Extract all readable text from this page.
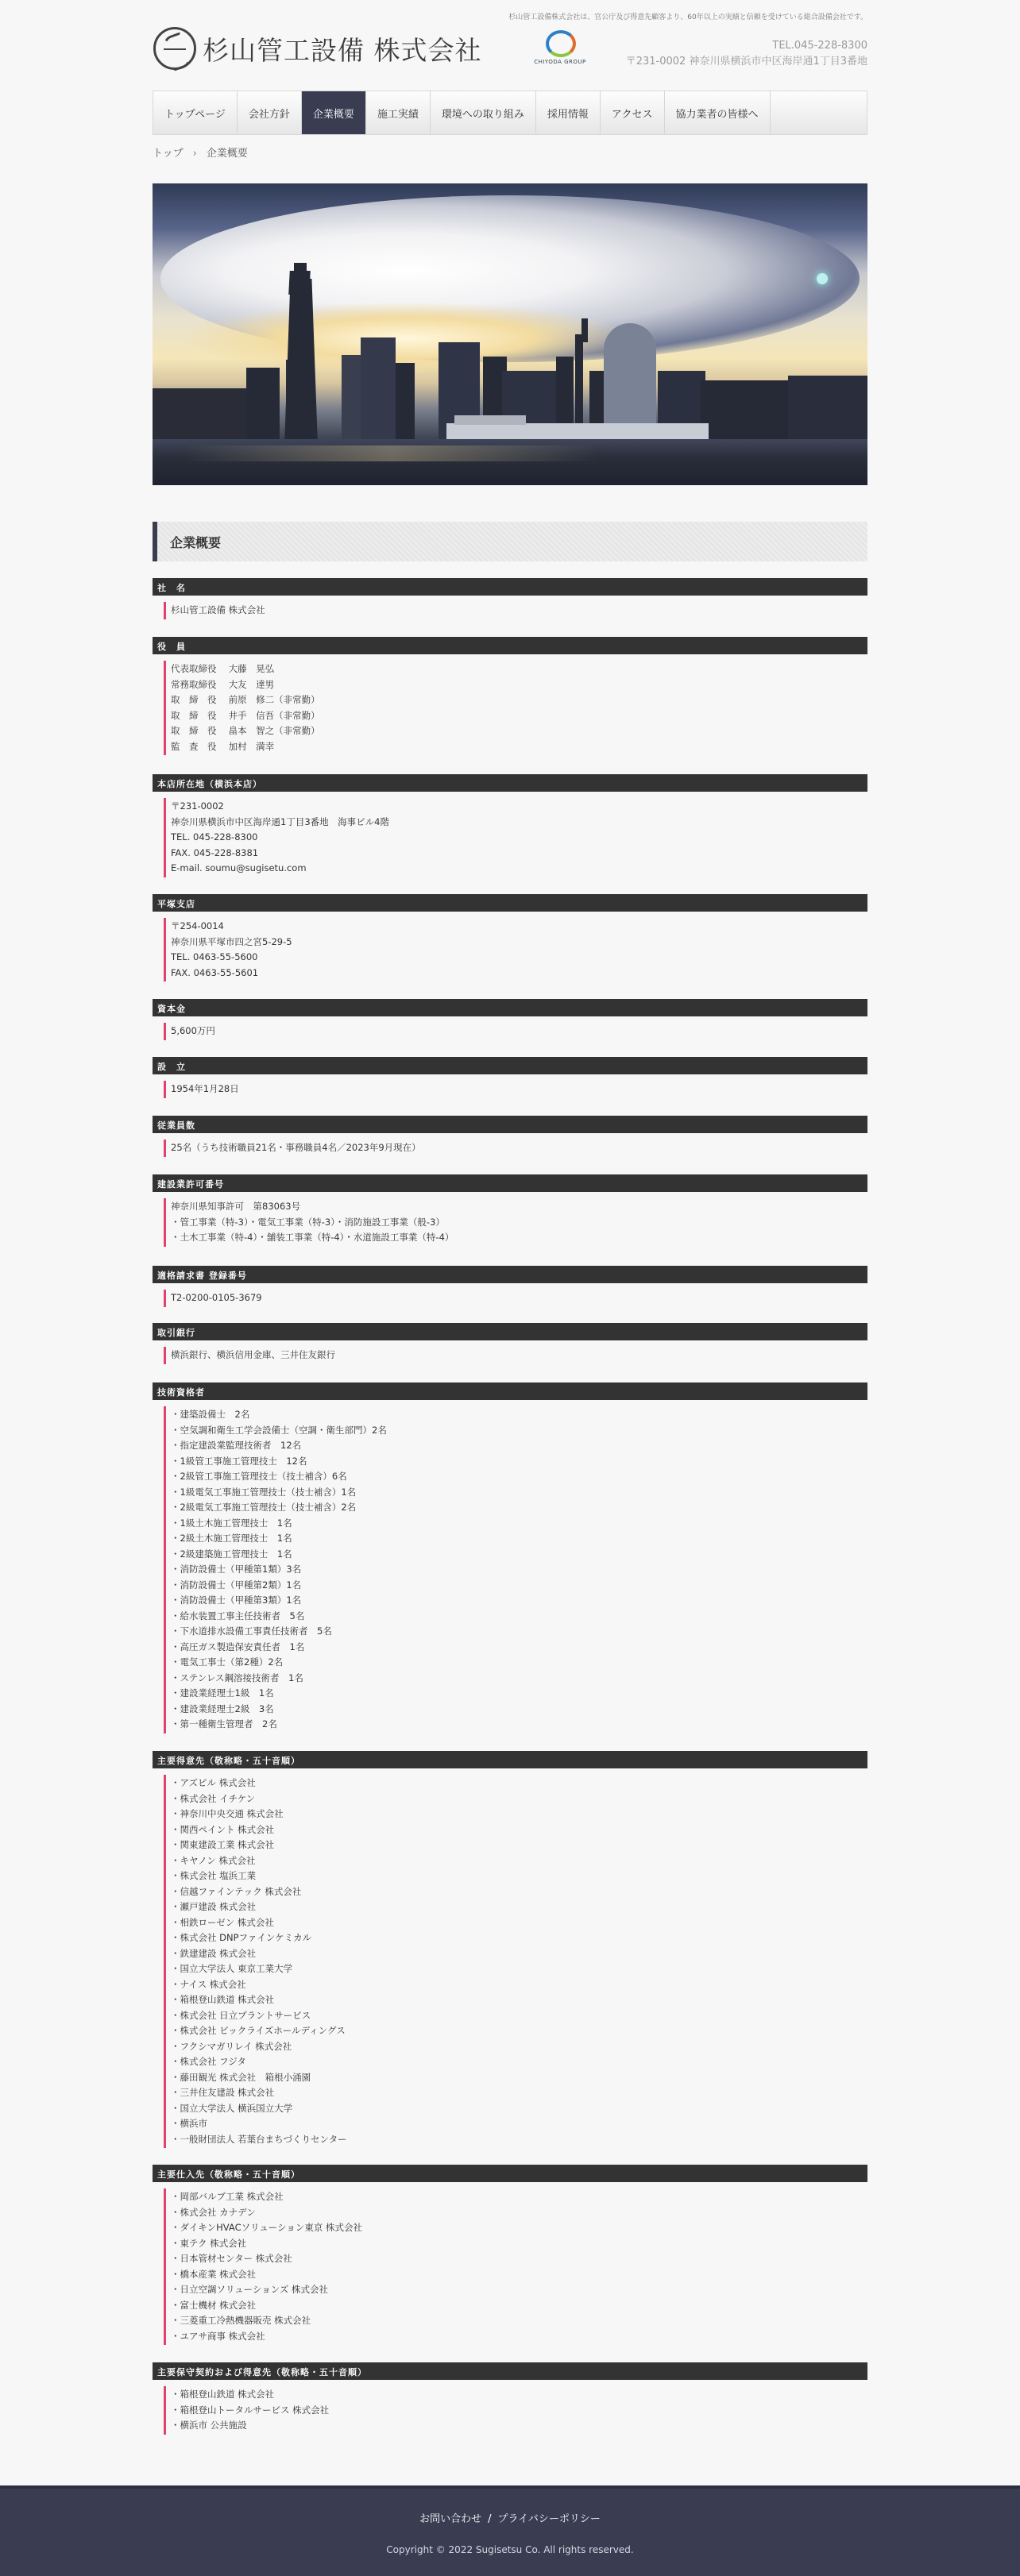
杉山管工設備株式会社は、官公庁及び得意先顧客より、60年以上の実績と信頼を受けている総合設備会社です。
杉山管工設備 株式会社	CHIYODA GROUP
TEL.045-228-8300
〒231-0002 神奈川県横浜市中区海岸通1丁目3番地
トップページ	会社方針	企業概要	施工実績	環境への取り組み	採用情報	アクセス	協力業者の皆様へ
トップ › 企業概要
企業概要
社　名
杉山管工設備 株式会社
役　員
代表取締役　 大藤　晃弘
常務取締役　 大友　達男
取　締　役　 前原　修二（非常勤）
取　締　役　 井手　信吾（非常勤）
取　締　役　 畠本　智之（非常勤）
監　査　役　 加村　満幸
本店所在地（横浜本店）
〒231-0002
神奈川県横浜市中区海岸通1丁目3番地　海事ビル4階
TEL. 045-228-8300
FAX. 045-228-8381
E-mail. soumu@sugisetu.com
平塚支店
〒254-0014
神奈川県平塚市四之宮5-29-5
TEL. 0463-55-5600
FAX. 0463-55-5601
資本金
5,600万円
設　立
1954年1月28日
従業員数
25名（うち技術職員21名・事務職員4名／2023年9月現在）
建設業許可番号
神奈川県知事許可　第83063号
・管工事業（特-3）・電気工事業（特-3）・消防施設工事業（般-3）
・土木工事業（特-4）・舗装工事業（特-4）・水道施設工事業（特-4）
適格請求書 登録番号
T2-0200-0105-3679
取引銀行
横浜銀行、横浜信用金庫、三井住友銀行
技術資格者
・建築設備士　2名
・空気調和衛生工学会設備士（空調・衛生部門）2名
・指定建設業監理技術者　12名
・1級管工事施工管理技士　12名
・2級管工事施工管理技士（技士補含）6名
・1級電気工事施工管理技士（技士補含）1名
・2級電気工事施工管理技士（技士補含）2名
・1級土木施工管理技士　1名
・2級土木施工管理技士　1名
・2級建築施工管理技士　1名
・消防設備士（甲種第1類）3名
・消防設備士（甲種第2類）1名
・消防設備士（甲種第3類）1名
・給水装置工事主任技術者　5名
・下水道排水設備工事責任技術者　5名
・高圧ガス製造保安責任者　1名
・電気工事士（第2種）2名
・ステンレス鋼溶接技術者　1名
・建設業経理士1級　1名
・建設業経理士2級　3名
・第一種衛生管理者　2名
主要得意先（敬称略・五十音順）
・アズビル 株式会社
・株式会社 イチケン
・神奈川中央交通 株式会社
・関西ペイント 株式会社
・関東建設工業 株式会社
・キヤノン 株式会社
・株式会社 塩浜工業
・信越ファインテック 株式会社
・瀬戸建設 株式会社
・相鉄ローゼン 株式会社
・株式会社 DNPファインケミカル
・鉄建建設 株式会社
・国立大学法人 東京工業大学
・ナイス 株式会社
・箱根登山鉄道 株式会社
・株式会社 日立プラントサービス
・株式会社 ビックライズホールディングス
・フクシマガリレイ 株式会社
・株式会社 フジタ
・藤田観光 株式会社　箱根小涌園
・三井住友建設 株式会社
・国立大学法人 横浜国立大学
・横浜市
・一般財団法人 若葉台まちづくりセンター
主要仕入先（敬称略・五十音順）
・岡部バルブ工業 株式会社
・株式会社 カナデン
・ダイキンHVACソリューション東京 株式会社
・東テク 株式会社
・日本管材センター 株式会社
・橋本産業 株式会社
・日立空調ソリューションズ 株式会社
・富士機材 株式会社
・三菱重工冷熱機器販売 株式会社
・ユアサ商事 株式会社
主要保守契約および得意先（敬称略・五十音順）
・箱根登山鉄道 株式会社
・箱根登山トータルサービス 株式会社
・横浜市 公共施設
お問い合わせ / プライバシーポリシー
Copyright © 2022 Sugisetsu Co. All rights reserved.
